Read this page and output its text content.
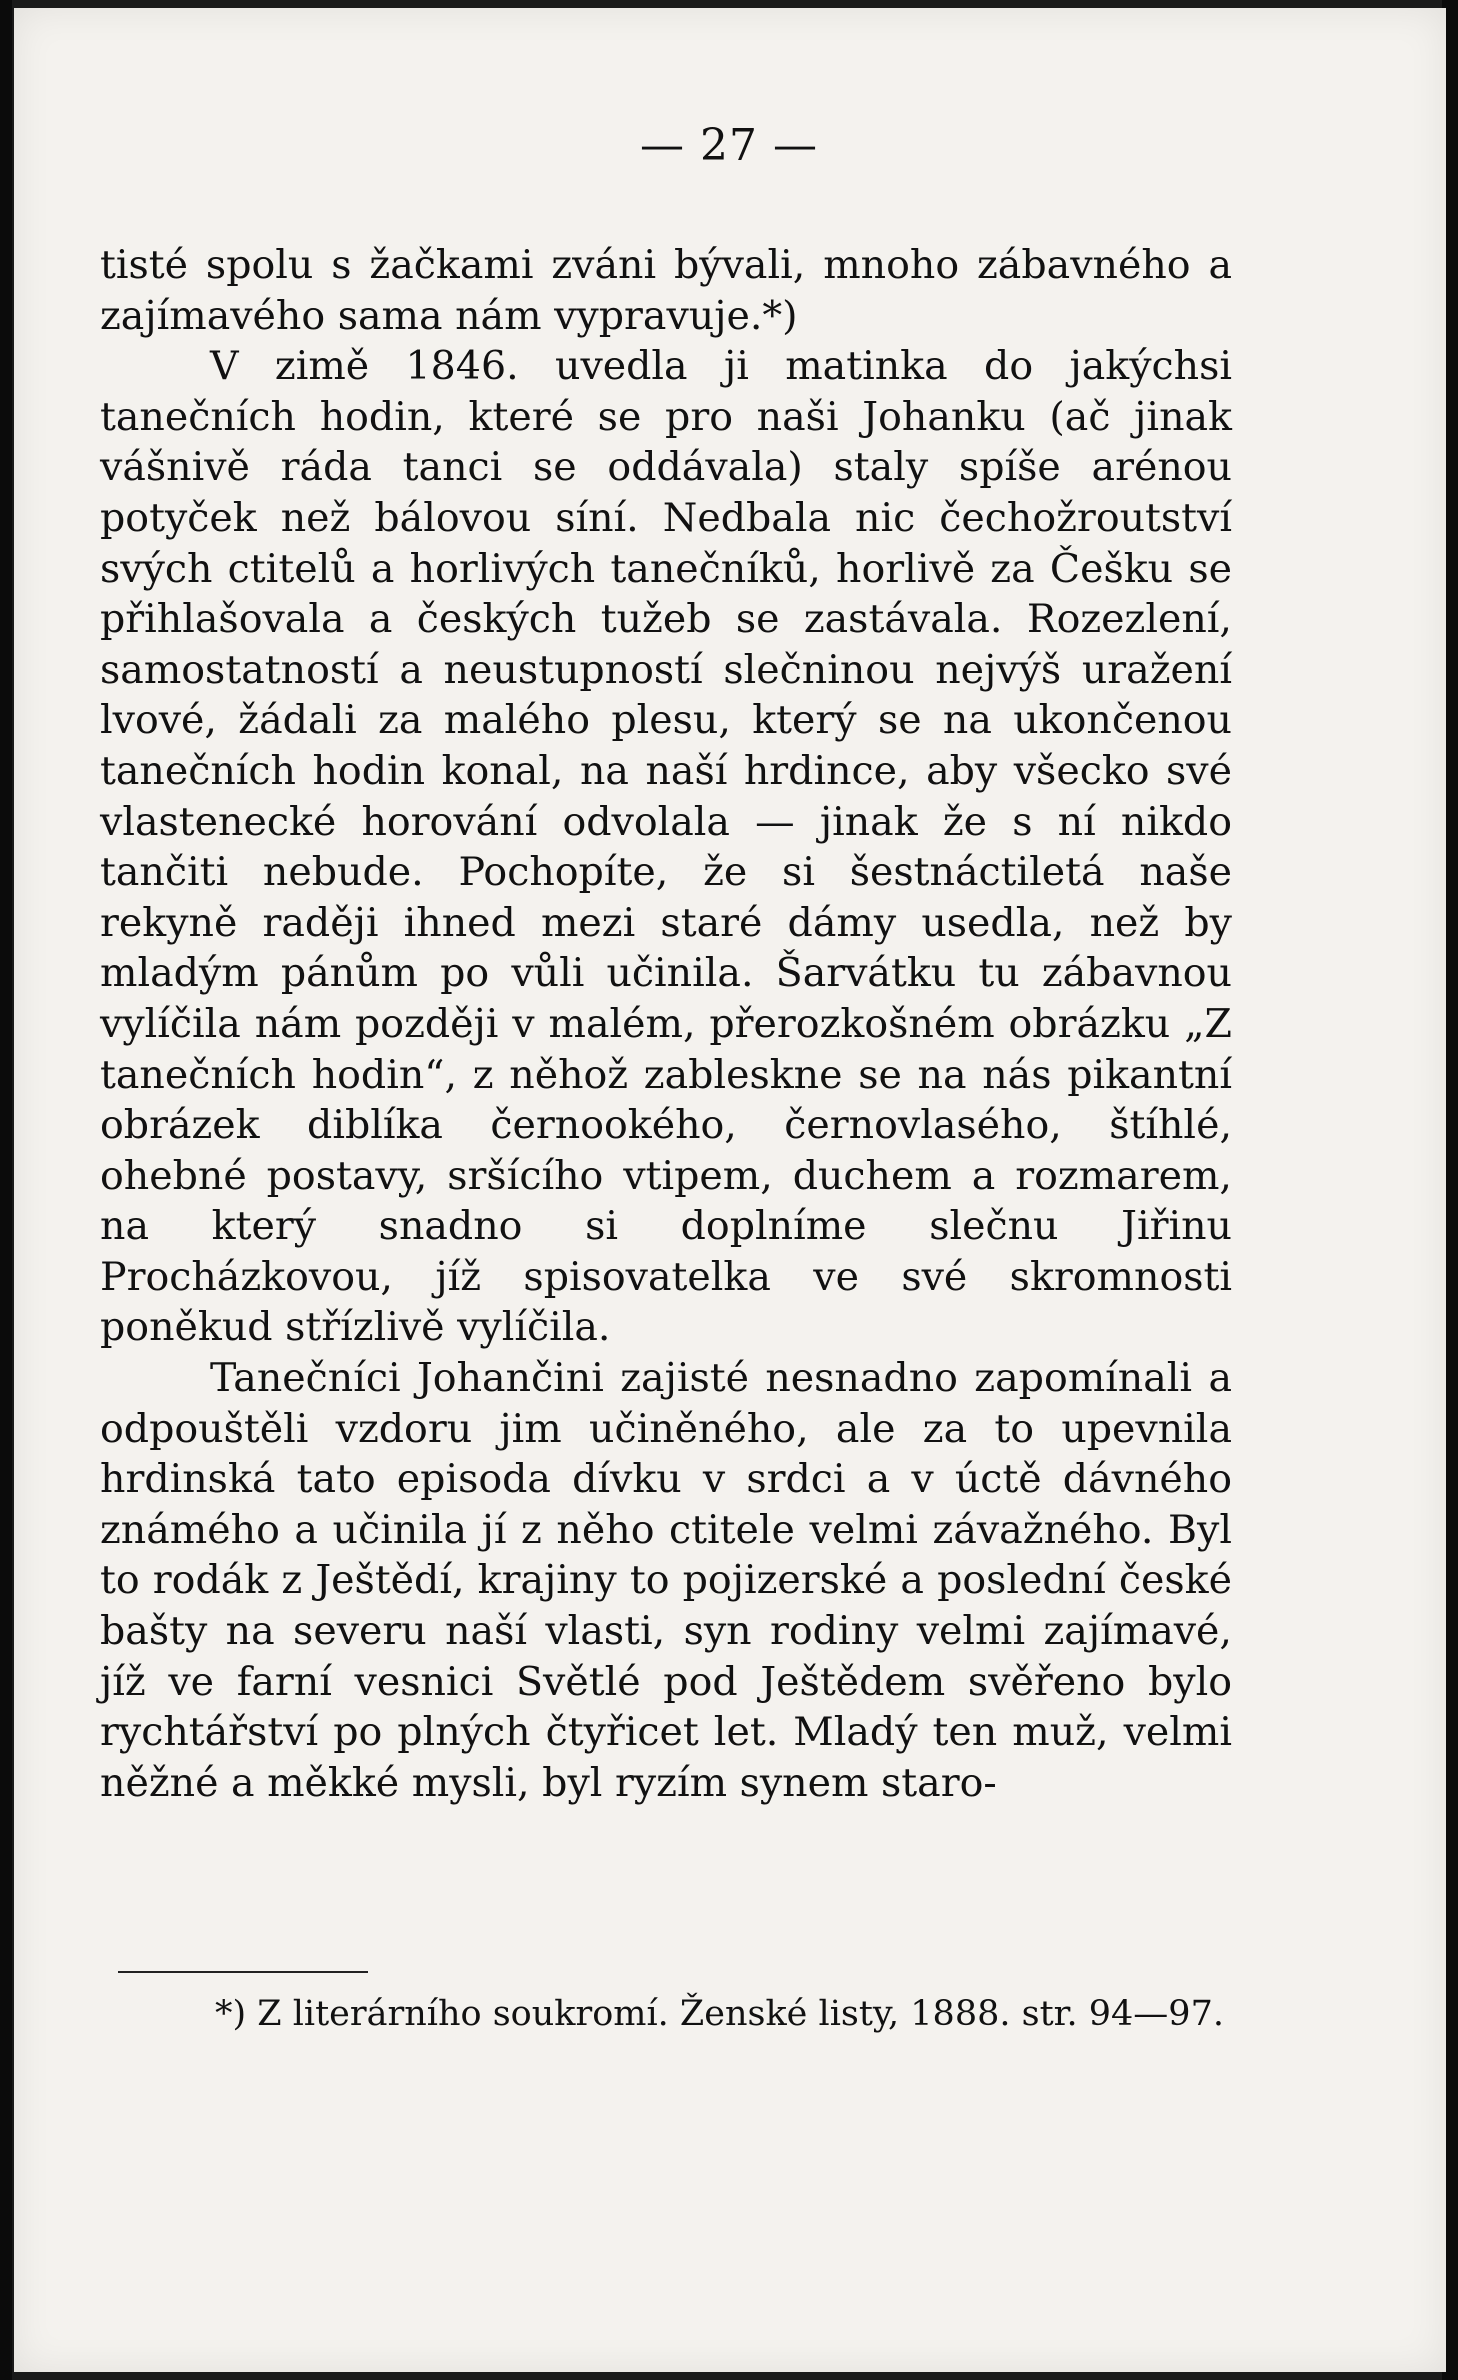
— 27 —

tisté spolu s žačkami zváni bývali, mnoho zábavného a zajímavého sama nám vypravuje.*)

V zimě 1846. uvedla ji matinka do jakýchsi tanečních hodin, které se pro naši Johanku (ač jinak vášnivě ráda tanci se oddávala) staly spíše arénou potyček než bálovou síní. Nedbala nic čechožroutství svých ctitelů a horlivých tanečníků, horlivě za Češku se přihlašovala a českých tužeb se zastávala. Rozezlení, samostatností a neustupností slečninou nejvýš uražení lvové, žádali za malého plesu, který se na ukončenou tanečních hodin konal, na naší hrdince, aby všecko své vlastenecké horování odvolala — jinak že s ní nikdo tančiti nebude. Pochopíte, že si šestnáctiletá naše rekyně raději ihned mezi staré dámy usedla, než by mladým pánům po vůli učinila. Šarvátku tu zábavnou vylíčila nám později v malém, přerozkošném obrázku „Z tanečních hodin“, z něhož zableskne se na nás pikantní obrázek diblíka černookého, černovlasého, štíhlé, ohebné postavy, sršícího vtipem, duchem a rozmarem, na který snadno si doplníme slečnu Jiřinu Procházkovou, jíž spisovatelka ve své skromnosti poněkud střízlivě vylíčila.

Tanečníci Johančini zajisté nesnadno zapomínali a odpouštěli vzdoru jim učiněného, ale za to upevnila hrdinská tato episoda dívku v srdci a v úctě dávného známého a učinila jí z něho ctitele velmi závažného. Byl to rodák z Ještědí, krajiny to pojizerské a poslední české bašty na severu naší vlasti, syn rodiny velmi zajímavé, jíž ve farní vesnici Světlé pod Ještědem svěřeno bylo rychtářství po plných čtyřicet let. Mladý ten muž, velmi něžné a měkké mysli, byl ryzím synem staro-

*) Z literárního soukromí. Ženské listy, 1888. str. 94—97.
